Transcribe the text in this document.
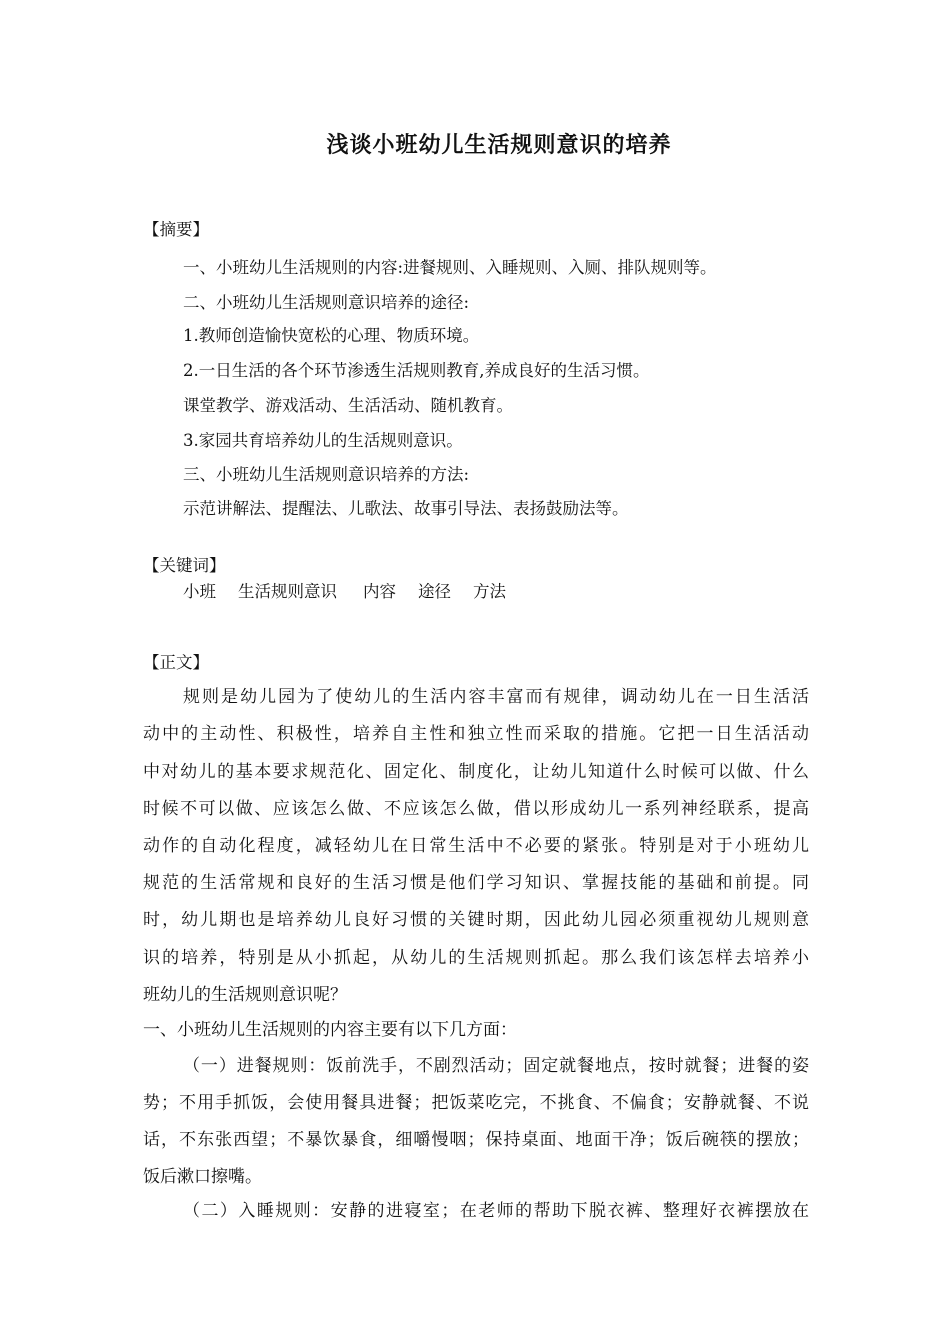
浅谈小班幼儿生活规则意识的培养
【摘要】
一、小班幼儿生活规则的内容:进餐规则、入睡规则、入厕、排队规则等。
二、小班幼儿生活规则意识培养的途径:
1.教师创造愉快宽松的心理、物质环境。
2.一日生活的各个环节渗透生活规则教育,养成良好的生活习惯。
课堂教学、游戏活动、生活活动、随机教育。
3.家园共育培养幼儿的生活规则意识。
三、小班幼儿生活规则意识培养的方法:
示范讲解法、提醒法、儿歌法、故事引导法、表扬鼓励法等。
【关键词】
小班 生活规则意识 内容 途径 方法
【正文】
规则是幼儿园为了使幼儿的生活内容丰富而有规律，调动幼儿在一日生活活
动中的主动性、积极性，培养自主性和独立性而采取的措施。它把一日生活活动
中对幼儿的基本要求规范化、固定化、制度化，让幼儿知道什么时候可以做、什么
时候不可以做、应该怎么做、不应该怎么做，借以形成幼儿一系列神经联系，提高
动作的自动化程度，减轻幼儿在日常生活中不必要的紧张。特别是对于小班幼儿
规范的生活常规和良好的生活习惯是他们学习知识、掌握技能的基础和前提。同
时，幼儿期也是培养幼儿良好习惯的关键时期，因此幼儿园必须重视幼儿规则意
识的培养，特别是从小抓起，从幼儿的生活规则抓起。那么我们该怎样去培养小
班幼儿的生活规则意识呢？
一、小班幼儿生活规则的内容主要有以下几方面：
（一）进餐规则：饭前洗手，不剧烈活动；固定就餐地点，按时就餐；进餐的姿
势；不用手抓饭，会使用餐具进餐；把饭菜吃完，不挑食、不偏食；安静就餐、不说
话，不东张西望；不暴饮暴食，细嚼慢咽；保持桌面、地面干净；饭后碗筷的摆放；
饭后漱口擦嘴。
（二）入睡规则：安静的进寝室；在老师的帮助下脱衣裤、整理好衣裤摆放在
